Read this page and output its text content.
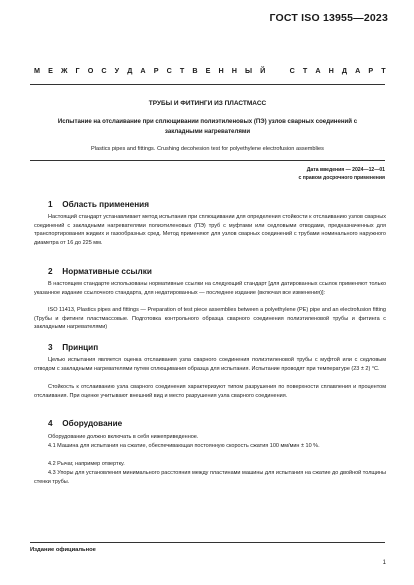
ГОСТ ISO 13955—2023
М Е Ж Г О С У Д А Р С Т В Е Н Н Ы Й	С Т А Н Д А Р Т
ТРУБЫ И ФИТИНГИ ИЗ ПЛАСТМАСС
Испытание на отслаивание при сплющивании полиэтиленовых (ПЭ) узлов сварных соединений с закладными нагревателями
Plastics pipes and fittings. Crushing decohesion test for polyethylene electrofusion assemblies
Дата введения — 2024—12—01
с правом досрочного применения
1 Область применения
Настоящий стандарт устанавливает метод испытания при сплющивании для определения стойкости к отслаиванию узлов сварных соединений с закладными нагревателями полиэтиленовых (ПЭ) труб с муфтами или седловыми отводами, предназначенных для транспортирования жидких и газообразных сред. Метод применяют для узлов сварных соединений с трубами номинального наружного диаметра от 16 до 225 мм.
2 Нормативные ссылки
В настоящем стандарте использованы нормативные ссылки на следующий стандарт [для датированных ссылок применяют только указанное издание ссылочного стандарта, для недатированных — последнее издание (включая все изменения)]:
ISO 11413, Plastics pipes and fittings — Preparation of test piece assemblies between a polyethylene (PE) pipe and an electrofusion fitting (Трубы и фитинги пластмассовые. Подготовка контрольного образца сварного соединения полиэтиленовой трубы и фитинга с закладными нагревателями)
3 Принцип
Целью испытания является оценка отслаивания узла сварного соединения полиэтиленовой трубы с муфтой или с седловым отводом с закладными нагревателями путем сплющивания образца для испытания. Испытание проводят при температуре (23 ± 2) °C.
Стойкость к отслаиванию узла сварного соединения характеризуют типом разрушения по поверхности сплавления и процентом отслаивания. При оценке учитывают внешний вид и место разрушения узла сварного соединения.
4 Оборудование
Оборудование должно включать в себя нижеприведенное.
4.1 Машина для испытания на сжатие, обеспечивающая постоянную скорость сжатия 100 мм/мин ± 10 %.
4.2 Рычаг, например отвертку.
4.3 Упоры для установления минимального расстояния между пластинами машины для испытания на сжатие до двойной толщины стенки трубы.
Издание официальное
1
